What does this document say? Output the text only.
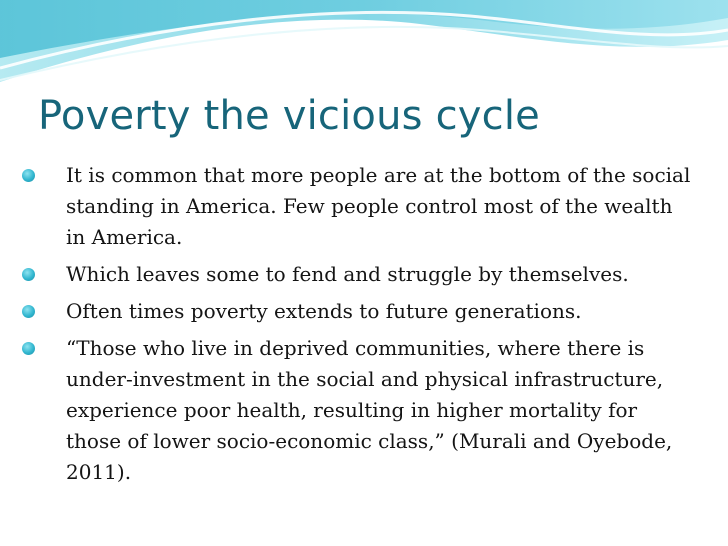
Poverty the vicious cycle
It is common that more people are at the bottom of the social standing in America. Few people control most of the wealth in America.
Which leaves some to fend and struggle by themselves.
Often times poverty extends to future generations.
“Those who live in deprived communities, where there is under-investment in the social and physical infrastructure, experience poor health, resulting in higher mortality for those of lower socio-economic class,” (Murali and Oyebode, 2011).
